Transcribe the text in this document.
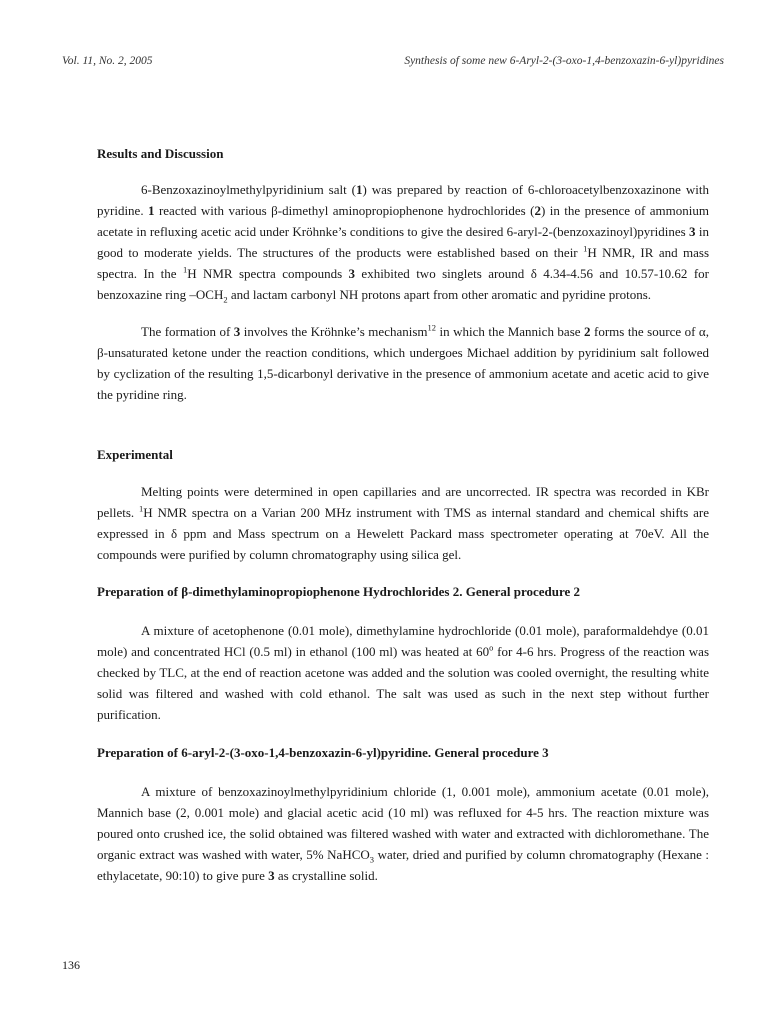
Vol. 11, No. 2, 2005	Synthesis of some new 6-Aryl-2-(3-oxo-1,4-benzoxazin-6-yl)pyridines
Results and Discussion

6-Benzoxazinoylmethylpyridinium salt (1) was prepared by reaction of 6-chloroacetylbenzoxazinone with pyridine. 1 reacted with various β-dimethyl aminopropiophenone hydrochlorides (2) in the presence of ammonium acetate in refluxing acetic acid under Kröhnke’s conditions to give the desired 6-aryl-2-(benzoxazinoyl)pyridines 3 in good to moderate yields. The structures of the products were established based on their $^1$H NMR, IR and mass spectra. In the $^1$H NMR spectra compounds 3 exhibited two singlets around δ 4.34-4.56 and 10.57-10.62 for benzoxazine ring $-OCH_2$ and lactam carbonyl NH protons apart from other aromatic and pyridine protons.

The formation of 3 involves the Kröhnke’s mechanism$^{12}$ in which the Mannich base 2 forms the source of α, β-unsaturated ketone under the reaction conditions, which undergoes Michael addition by pyridinium salt followed by cyclization of the resulting 1,5-dicarbonyl derivative in the presence of ammonium acetate and acetic acid to give the pyridine ring.

Experimental

Melting points were determined in open capillaries and are uncorrected. IR spectra was recorded in KBr pellets. $^1$H NMR spectra on a Varian 200 MHz instrument with TMS as internal standard and chemical shifts are expressed in δ ppm and Mass spectrum on a Hewelett Packard mass spectrometer operating at 70eV. All the compounds were purified by column chromatography using silica gel.

Preparation of β-dimethylaminopropiophenone Hydrochlorides 2. General procedure 2

A mixture of acetophenone (0.01 mole), dimethylamine hydrochloride (0.01 mole), paraformaldehdye (0.01 mole) and concentrated HCl (0.5 ml) in ethanol (100 ml) was heated at 60$^o$ for 4-6 hrs. Progress of the reaction was checked by TLC, at the end of reaction acetone was added and the solution was cooled overnight, the resulting white solid was filtered and washed with cold ethanol. The salt was used as such in the next step without further purification.

Preparation of 6-aryl-2-(3-oxo-1,4-benzoxazin-6-yl)pyridine. General procedure 3

A mixture of benzoxazinoylmethylpyridinium chloride (1, 0.001 mole), ammonium acetate (0.01 mole), Mannich base (2, 0.001 mole) and glacial acetic acid (10 ml) was refluxed for 4-5 hrs. The reaction mixture was poured onto crushed ice, the solid obtained was filtered washed with water and extracted with dichloromethane. The organic extract was washed with water, 5% NaHCO$_3$ water, dried and purified by column chromatography (Hexane : ethylacetate, 90:10) to give pure 3 as crystalline solid.

136
